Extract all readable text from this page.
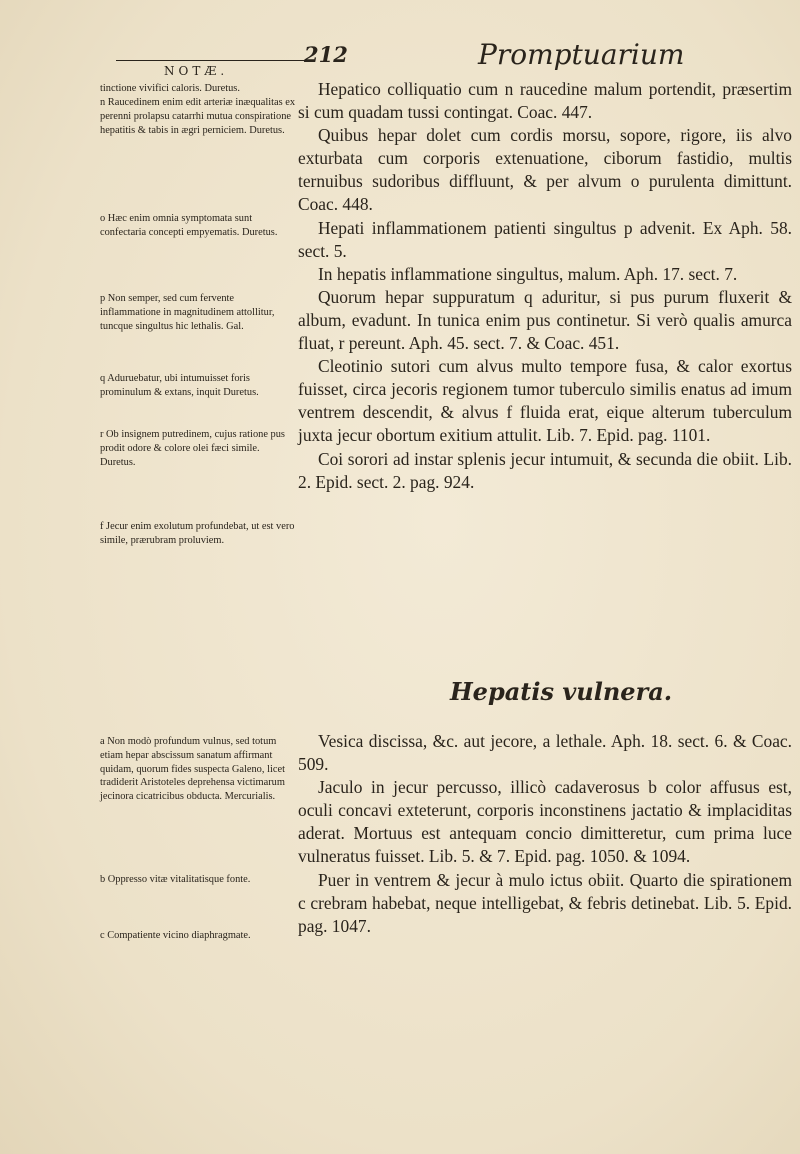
212	Promptuarium
NOTÆ.

tinctione vivifici caloris. Duretus.

n Raucedinem enim edit arteriæ inæqualitas ex perenni prolapsu catarrhi mutua conspiratione hepatitis & tabis in ægri perniciem. Duretus.

o Hæc enim omnia symptomata sunt confectaria concepti empyematis. Duretus.

p Non semper, sed cum fervente inflammatione in magnitudinem attollitur, tuncque singultus hic lethalis. Gal.

q Aduruebatur, ubi intumuisset foris prominulum & extans, inquit Duretus.

r Ob insignem putredinem, cujus ratione pus prodit odore & colore olei fæci simile. Duretus.

f Jecur enim exolutum profundebat, ut est vero simile, prærubram proluviem.

Hepatico colliquatio cum n raucedine malum portendit, præsertim si cum quadam tussi contingat. Coac. 447.

Quibus hepar dolet cum cordis morsu, sopore, rigore, iis alvo exturbata cum corporis extenuatione, ciborum fastidio, multis ternuibus sudoribus diffluunt, & per alvum o purulenta dimittunt. Coac. 448.

Hepati inflammationem patienti singultus p advenit. Ex Aph. 58. sect. 5.

In hepatis inflammatione singultus, malum. Aph. 17. sect. 7.

Quorum hepar suppuratum q aduritur, si pus purum fluxerit & album, evadunt. In tunica enim pus continetur. Si verò qualis amurca fluat, r pereunt. Aph. 45. sect. 7. & Coac. 451.

Cleotinio sutori cum alvus multo tempore fusa, & calor exortus fuisset, circa jecoris regionem tumor tuberculo similis enatus ad imum ventrem descendit, & alvus f fluida erat, eique alterum tuberculum juxta jecur obortum exitium attulit. Lib. 7. Epid. pag. 1101.

Coi sorori ad instar splenis jecur intumuit, & secunda die obiit. Lib. 2. Epid. sect. 2. pag. 924.

Hepatis vulnera.

a Non modò profundum vulnus, sed totum etiam hepar abscissum sanatum affirmant quidam, quorum fides suspecta Galeno, licet tradiderit Aristoteles deprehensa victimarum jecinora cicatricibus obducta. Mercurialis.

b Oppresso vitæ vitalitatisque fonte.

c Compatiente vicino diaphragmate.

Vesica discissa, &c. aut jecore, a lethale. Aph. 18. sect. 6. & Coac. 509.

Jaculo in jecur percusso, illicò cadaverosus b color affusus est, oculi concavi exteterunt, corporis inconstinens jactatio & implaciditas aderat. Mortuus est antequam concio dimitteretur, cum prima luce vulneratus fuisset. Lib. 5. & 7. Epid. pag. 1050. & 1094.

Puer in ventrem & jecur à mulo ictus obiit. Quarto die spirationem c crebram habebat, neque intelligebat, & febris detinebat. Lib. 5. Epid. pag. 1047.
